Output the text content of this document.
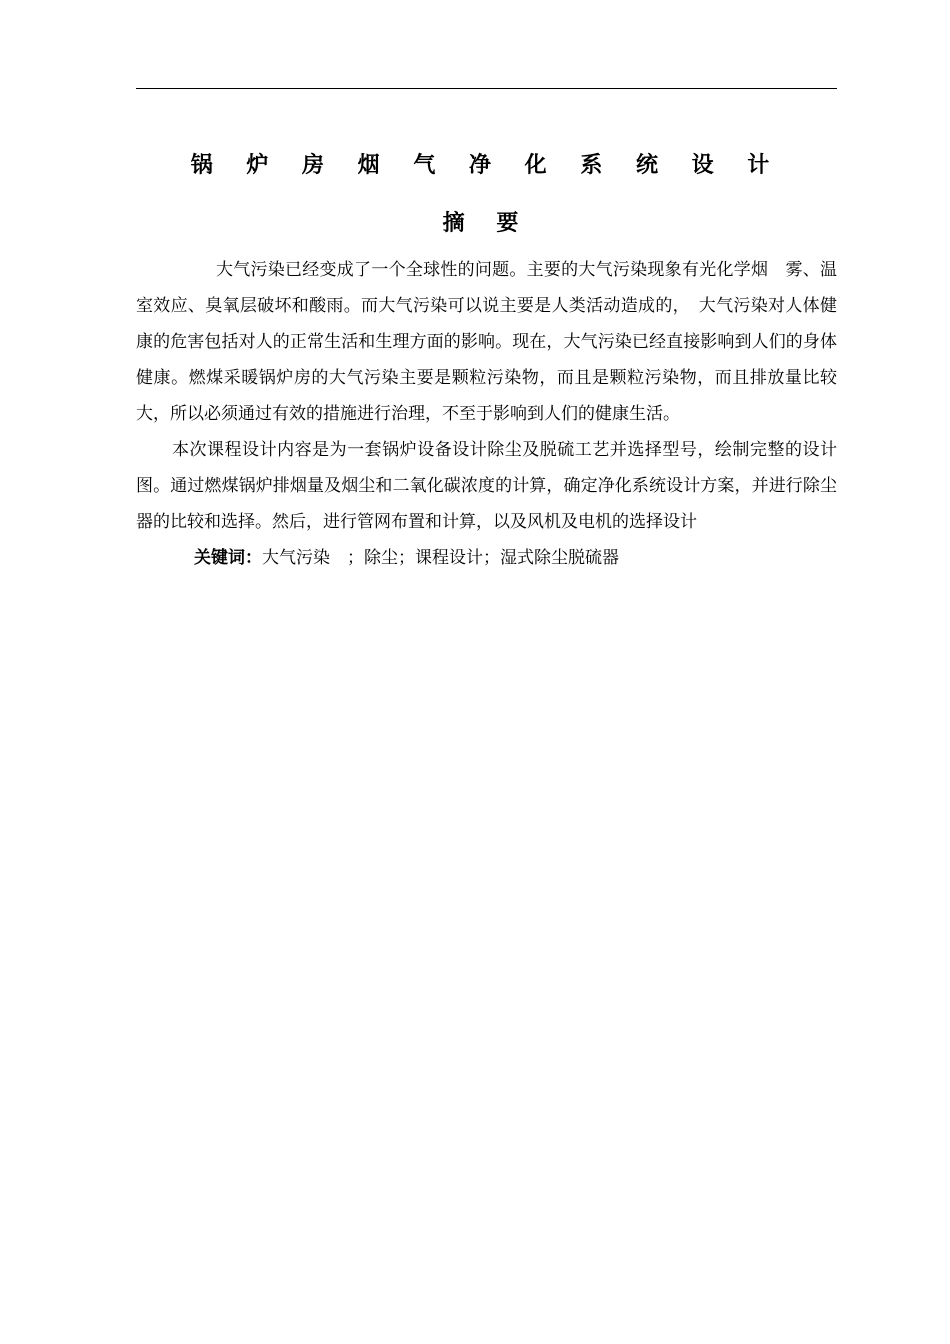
锅 炉 房 烟 气 净 化 系 统 设 计
摘 要

大气污染已经变成了一个全球性的问题。主要的大气污染现象有光化学烟　雾、温室效应、臭氧层破坏和酸雨。而大气污染可以说主要是人类活动造成的，　大气污染对人体健康的危害包括对人的正常生活和生理方面的影响。现在，大气污染已经直接影响到人们的身体健康。燃煤采暖锅炉房的大气污染主要是颗粒污染物，而且是颗粒污染物，而且排放量比较大，所以必须通过有效的措施进行治理，不至于影响到人们的健康生活。

本次课程设计内容是为一套锅炉设备设计除尘及脱硫工艺并选择型号，绘制完整的设计图。通过燃煤锅炉排烟量及烟尘和二氧化碳浓度的计算，确定净化系统设计方案，并进行除尘器的比较和选择。然后，进行管网布置和计算，以及风机及电机的选择设计

关键词：大气污染　；除尘；课程设计；湿式除尘脱硫器
